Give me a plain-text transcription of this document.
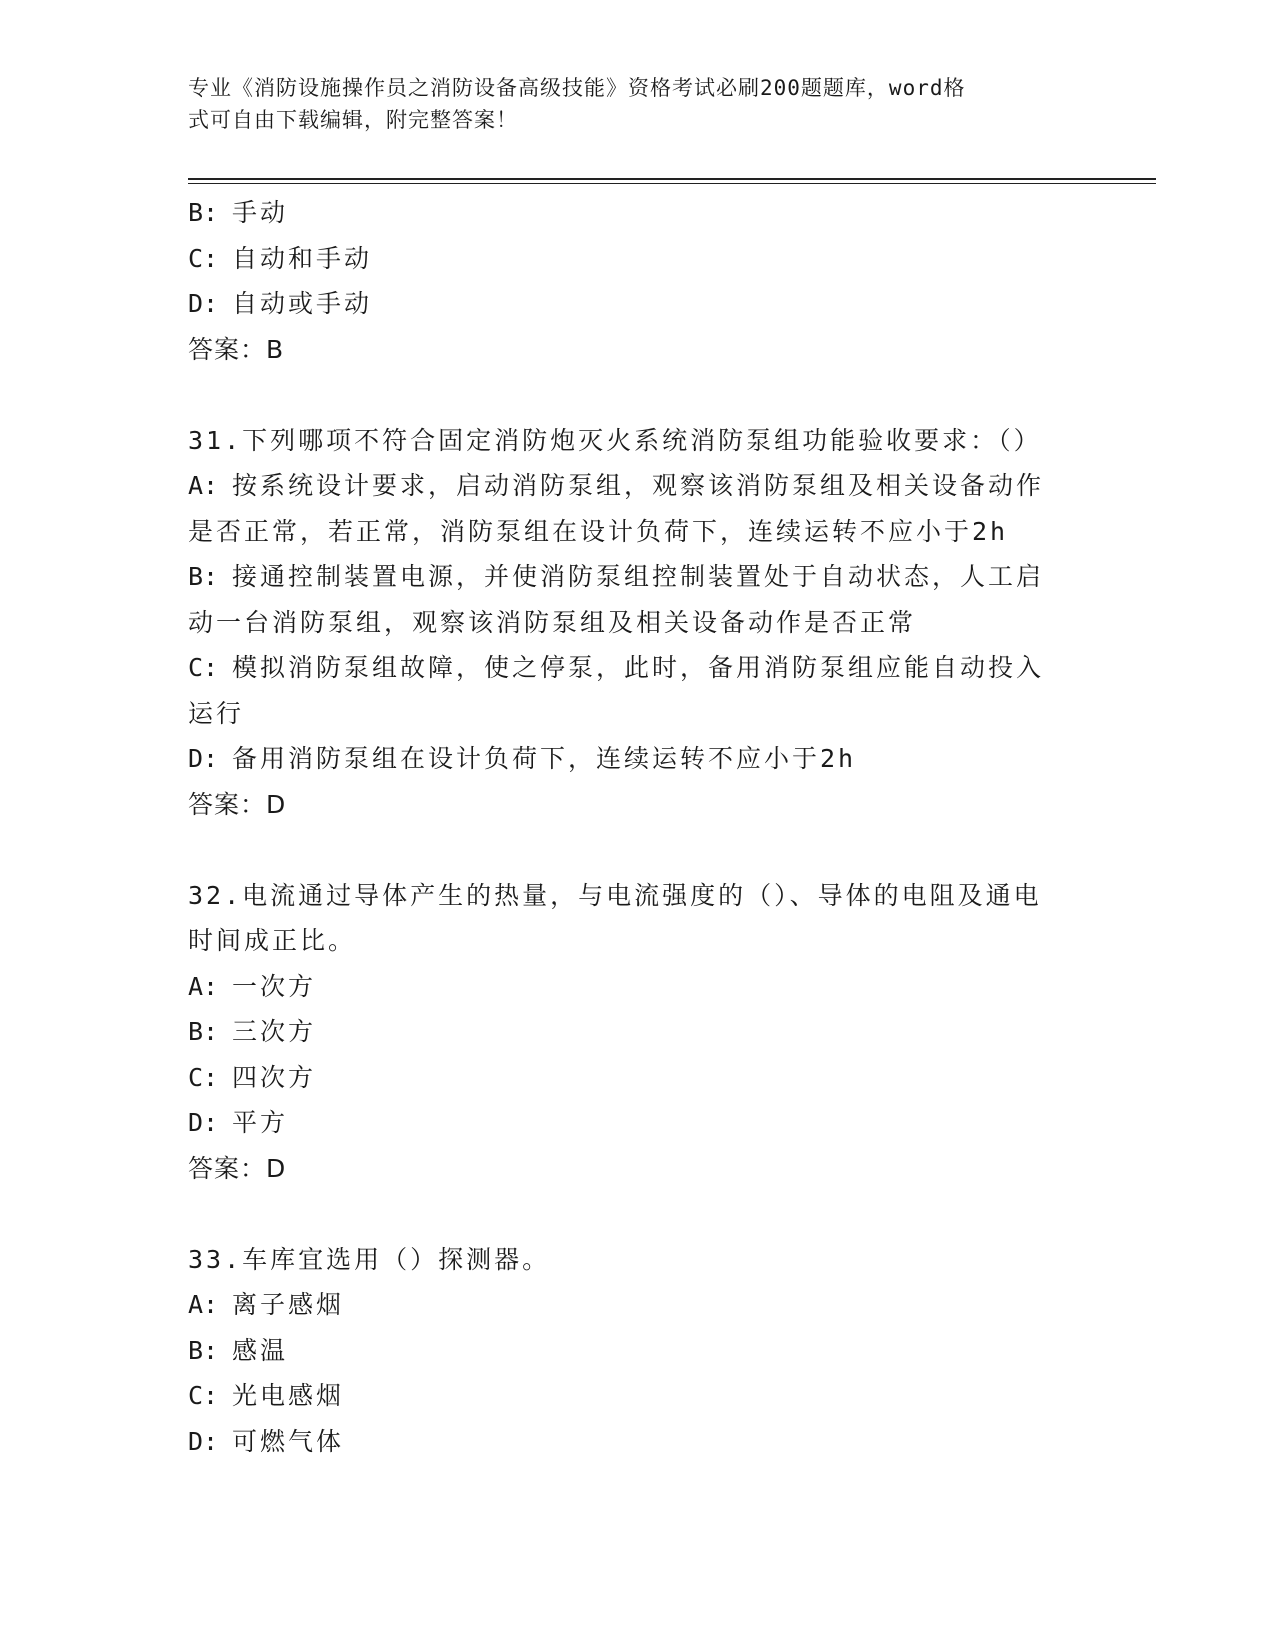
专业《消防设施操作员之消防设备高级技能》资格考试必刷200题题库，word格
式可自由下载编辑，附完整答案！
B: 手动
C: 自动和手动
D: 自动或手动
答案：B
31.下列哪项不符合固定消防炮灭火系统消防泵组功能验收要求：（）
A: 按系统设计要求，启动消防泵组，观察该消防泵组及相关设备动作
是否正常，若正常，消防泵组在设计负荷下，连续运转不应小于2h
B: 接通控制装置电源，并使消防泵组控制装置处于自动状态，人工启
动一台消防泵组，观察该消防泵组及相关设备动作是否正常
C: 模拟消防泵组故障，使之停泵，此时，备用消防泵组应能自动投入
运行
D: 备用消防泵组在设计负荷下，连续运转不应小于2h
答案：D
32.电流通过导体产生的热量，与电流强度的（）、导体的电阻及通电
时间成正比。
A: 一次方
B: 三次方
C: 四次方
D: 平方
答案：D
33.车库宜选用（）探测器。
A: 离子感烟
B: 感温
C: 光电感烟
D: 可燃气体
